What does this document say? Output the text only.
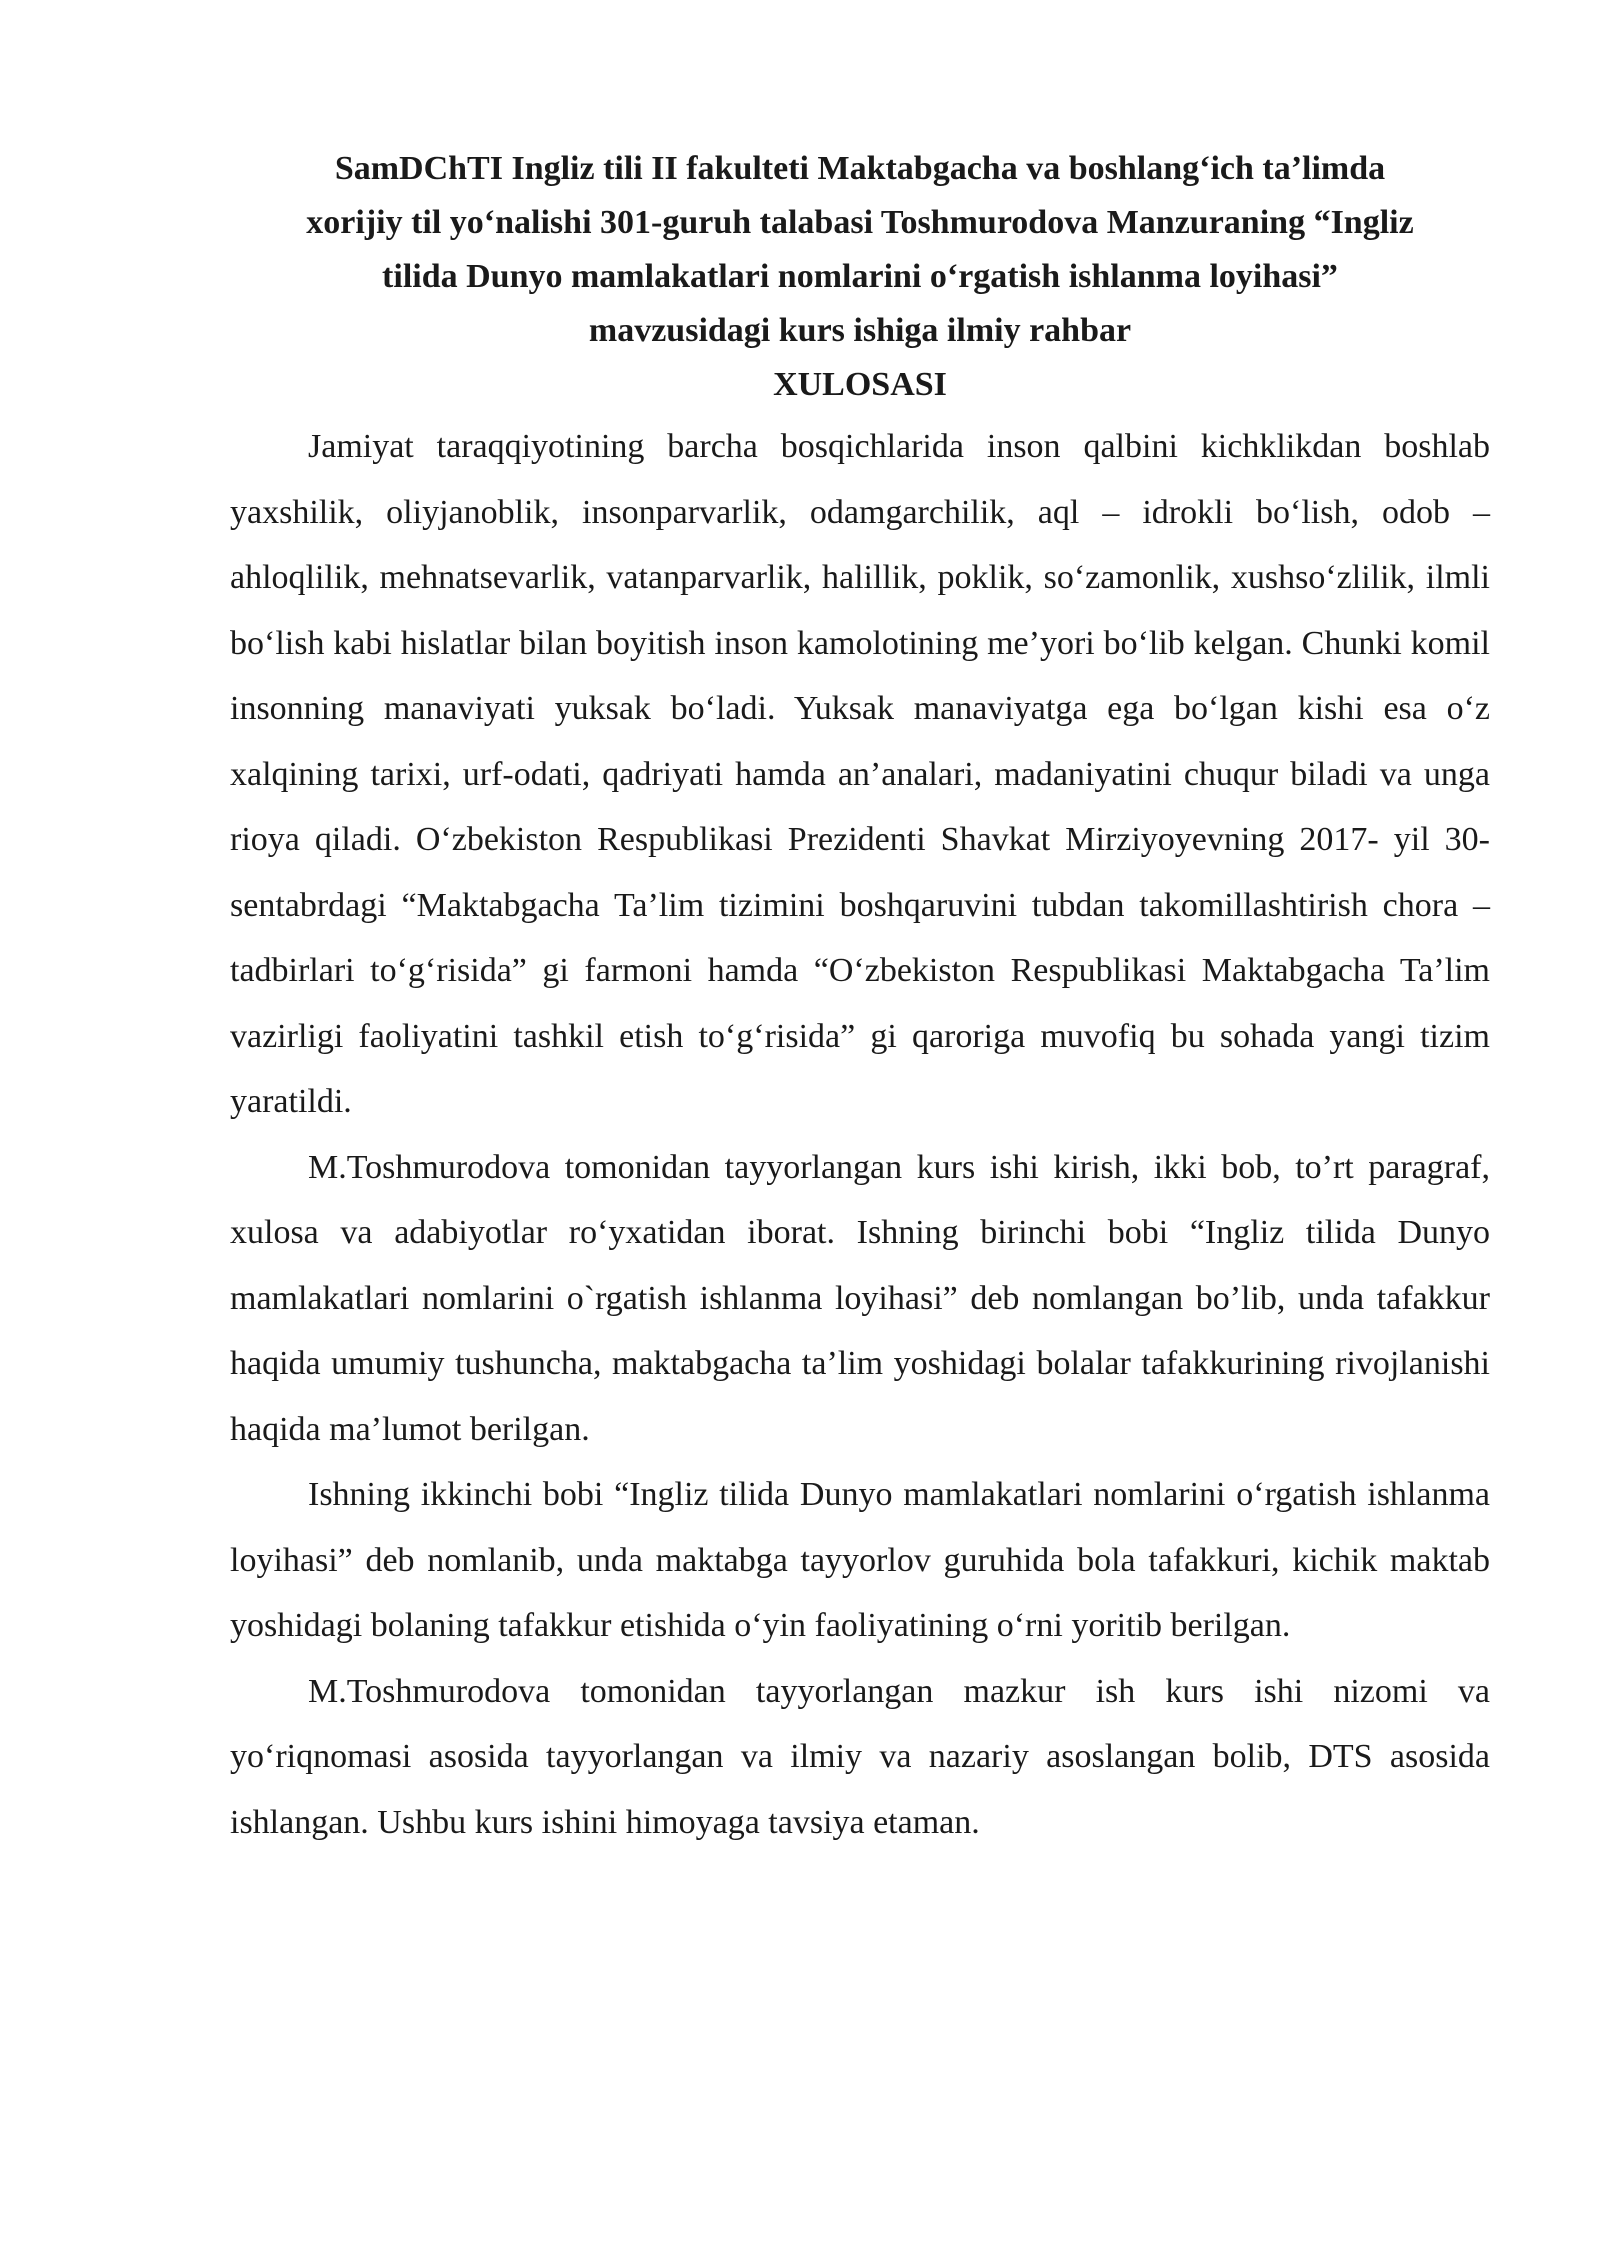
SamDChTI Ingliz tili II fakulteti Maktabgacha va boshlang‘ich ta’limda
xorijiy til yo‘nalishi 301-guruh talabasi Toshmurodova Manzuraning “Ingliz
tilida Dunyo mamlakatlari nomlarini o‘rgatish ishlanma loyihasi”
mavzusidagi kurs ishiga ilmiy rahbar

XULOSASI

Jamiyat taraqqiyotining barcha bosqichlarida inson qalbini kichklikdan boshlab yaxshilik, oliyjanoblik, insonparvarlik, odamgarchilik, aql – idrokli bo‘lish, odob – ahloqlilik, mehnatsevarlik, vatanparvarlik, halillik, poklik, so‘zamonlik, xushso‘zlilik, ilmli bo‘lish kabi hislatlar bilan boyitish inson kamolotining me’yori bo‘lib kelgan. Chunki komil insonning manaviyati yuksak bo‘ladi. Yuksak manaviyatga ega bo‘lgan kishi esa o‘z xalqining tarixi, urf-odati, qadriyati hamda an’analari, madaniyatini chuqur biladi va unga rioya qiladi. O‘zbekiston Respublikasi Prezidenti Shavkat Mirziyoyevning 2017- yil 30-sentabrdagi “Maktabgacha Ta’lim tizimini boshqaruvini tubdan takomillashtirish chora – tadbirlari to‘g‘risida” gi farmoni hamda “O‘zbekiston Respublikasi Maktabgacha Ta’lim vazirligi faoliyatini tashkil etish to‘g‘risida” gi qaroriga muvofiq bu sohada yangi tizim yaratildi.

M.Toshmurodova tomonidan tayyorlangan kurs ishi kirish, ikki bob, to’rt paragraf, xulosa va adabiyotlar ro‘yxatidan iborat. Ishning birinchi bobi “Ingliz tilida Dunyo mamlakatlari nomlarini o`rgatish ishlanma loyihasi” deb nomlangan bo’lib, unda tafakkur haqida umumiy tushuncha, maktabgacha ta’lim yoshidagi bolalar tafakkurining rivojlanishi haqida ma’lumot berilgan.

Ishning ikkinchi bobi “Ingliz tilida Dunyo mamlakatlari nomlarini o‘rgatish ishlanma loyihasi” deb nomlanib, unda maktabga tayyorlov guruhida bola tafakkuri, kichik maktab yoshidagi bolaning tafakkur etishida o‘yin faoliyatining o‘rni yoritib berilgan.

M.Toshmurodova tomonidan tayyorlangan mazkur ish kurs ishi nizomi va yo‘riqnomasi asosida tayyorlangan va ilmiy va nazariy asoslangan bolib, DTS asosida ishlangan. Ushbu kurs ishini himoyaga tavsiya etaman.
